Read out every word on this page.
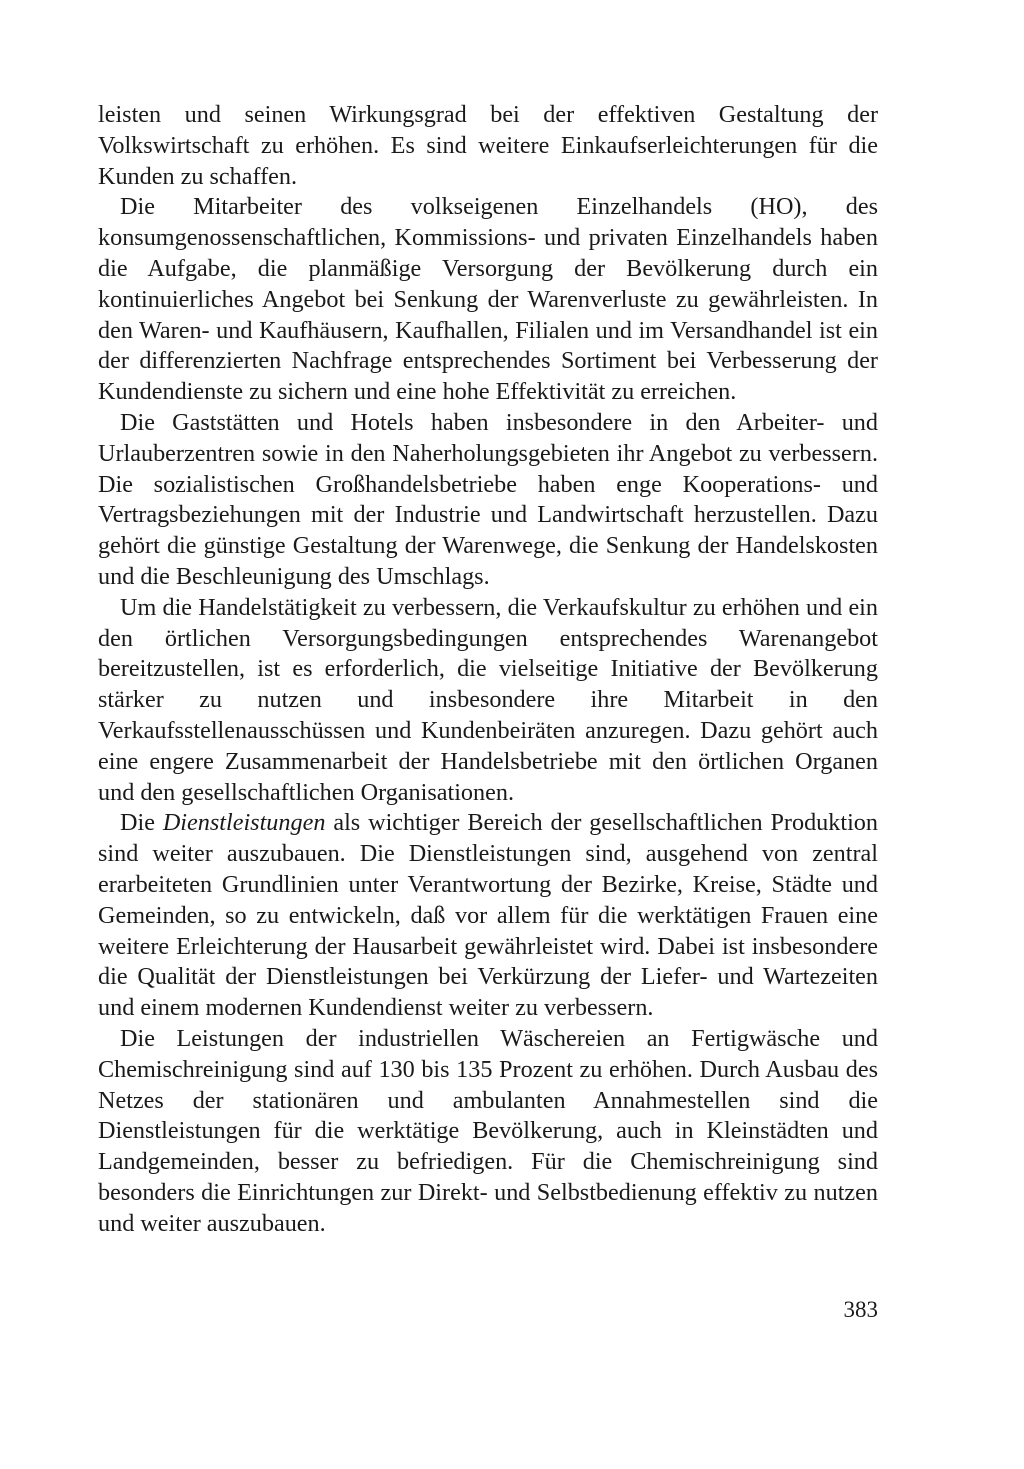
leisten und seinen Wirkungsgrad bei der effektiven Gestaltung der Volkswirtschaft zu erhöhen. Es sind weitere Einkaufserleichterungen für die Kunden zu schaffen.

Die Mitarbeiter des volkseigenen Einzelhandels (HO), des konsumgenossenschaftlichen, Kommissions- und privaten Einzelhandels haben die Aufgabe, die planmäßige Versorgung der Bevölkerung durch ein kontinuierliches Angebot bei Senkung der Warenverluste zu gewährleisten. In den Waren- und Kaufhäusern, Kaufhallen, Filialen und im Versandhandel ist ein der differenzierten Nachfrage entsprechendes Sortiment bei Verbesserung der Kundendienste zu sichern und eine hohe Effektivität zu erreichen.

Die Gaststätten und Hotels haben insbesondere in den Arbeiter- und Urlauberzentren sowie in den Naherholungsgebieten ihr Angebot zu verbessern. Die sozialistischen Großhandelsbetriebe haben enge Kooperations- und Vertragsbeziehungen mit der Industrie und Landwirtschaft herzustellen. Dazu gehört die günstige Gestaltung der Warenwege, die Senkung der Handelskosten und die Beschleunigung des Umschlags.

Um die Handelstätigkeit zu verbessern, die Verkaufskultur zu erhöhen und ein den örtlichen Versorgungsbedingungen entsprechendes Warenangebot bereitzustellen, ist es erforderlich, die vielseitige Initiative der Bevölkerung stärker zu nutzen und insbesondere ihre Mitarbeit in den Verkaufsstellenausschüssen und Kundenbeiräten anzuregen. Dazu gehört auch eine engere Zusammenarbeit der Handelsbetriebe mit den örtlichen Organen und den gesellschaftlichen Organisationen.

Die Dienstleistungen als wichtiger Bereich der gesellschaftlichen Produktion sind weiter auszubauen. Die Dienstleistungen sind, ausgehend von zentral erarbeiteten Grundlinien unter Verantwortung der Bezirke, Kreise, Städte und Gemeinden, so zu entwickeln, daß vor allem für die werktätigen Frauen eine weitere Erleichterung der Hausarbeit gewährleistet wird. Dabei ist insbesondere die Qualität der Dienstleistungen bei Verkürzung der Liefer- und Wartezeiten und einem modernen Kundendienst weiter zu verbessern.

Die Leistungen der industriellen Wäschereien an Fertigwäsche und Chemischreinigung sind auf 130 bis 135 Prozent zu erhöhen. Durch Ausbau des Netzes der stationären und ambulanten Annahmestellen sind die Dienstleistungen für die werktätige Bevölkerung, auch in Kleinstädten und Landgemeinden, besser zu befriedigen. Für die Chemischreinigung sind besonders die Einrichtungen zur Direkt- und Selbstbedienung effektiv zu nutzen und weiter auszubauen.

383
